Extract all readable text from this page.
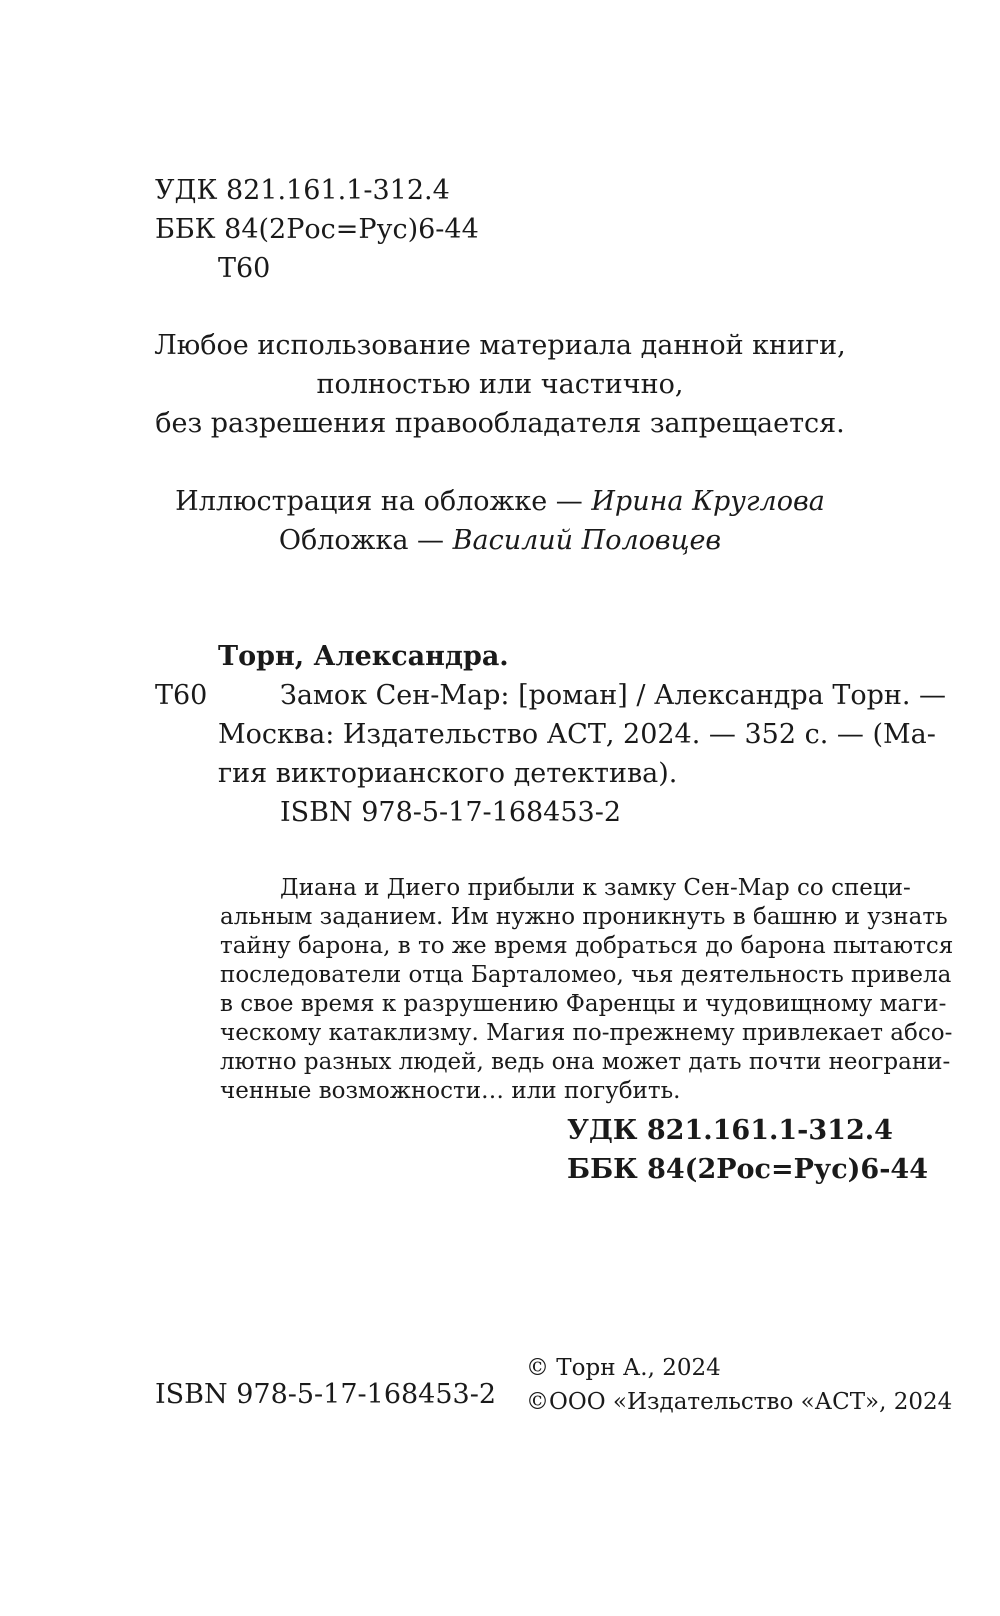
УДК 821.161.1-312.4
ББК 84(2Рос=Рус)6-44
Т60
Любое использование материала данной книги,
полностью или частично,
без разрешения правообладателя запрещается.
Иллюстрация на обложке — Ирина Круглова
Обложка — Василий Половцев
Торн, Александра.
Т60	Замок Сен-Мар: [роман] / Александра Торн. —
Москва: Издательство АСТ, 2024. — 352 с. — (Ма-
гия викторианского детектива).
ISBN 978-5-17-168453-2
Диана и Диего прибыли к замку Сен-Мар со специ-
альным заданием. Им нужно проникнуть в башню и узнать
тайну барона, в то же время добраться до барона пытаются
последователи отца Барталомео, чья деятельность привела
в свое время к разрушению Фаренцы и чудовищному маги-
ческому катаклизму. Магия по-прежнему привлекает абсо-
лютно разных людей, ведь она может дать почти неограни-
ченные возможности… или погубить.
УДК 821.161.1-312.4
ББК 84(2Рос=Рус)6-44
ISBN 978-5-17-168453-2
© Торн А., 2024
©ООО «Издательство «АСТ», 2024
